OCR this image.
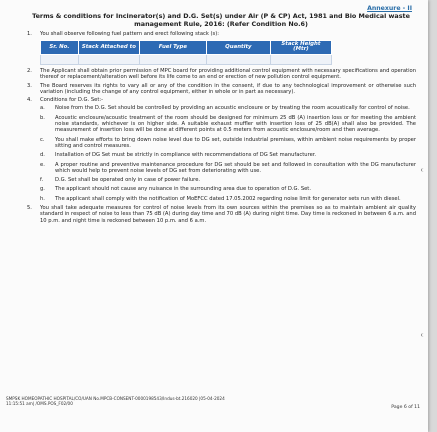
Annexure - II
Terms & conditions for Incinerator(s) and D.G. Set(s) under Air (P & CP) Act, 1981 and Bio Medical waste management Rule, 2016: (Refer Condition No.6)
1.	You shall observe following fuel pattern and erect following stack (s):
Sr. No.	Stack Attached to	Fuel Type	Quantity	Stack Height (Mtr)

2.	The Applicant shall obtain prior permission of MPC board for providing additional control equipment with necessary specifications and operation thereof or replacement/alteration well before its life come to an end or erection of new pollution control equipment.
3.	The Board reserves its rights to vary all or any of the condition in the consent, if due to any technological improvement or otherwise such variation (including the change of any control equipment, either in whole or in part as necessary).
4.	Conditions for D.G. Set:-
a.	Noise from the D.G. Set should be controlled by providing an acoustic enclosure or by treating the room acoustically for control of noise.
b.	Acoustic enclosure/acoustic treatment of the room should be designed for minimum 25 dB (A) insertion loss or for meeting the ambient noise standards, whichever is on higher side. A suitable exhaust muffler with insertion loss of 25 dB(A) shall also be provided. The measurement of insertion loss will be done at different points at 0.5 meters from acoustic enclosure/room and then average.
c.	You shall make efforts to bring down noise level due to DG set, outside industrial premises, within ambient noise requirements by proper sitting and control measures.
d.	Installation of DG Set must be strictly in compliance with recommendations of DG Set manufacturer.
e.	A proper routine and preventive maintenance procedure for DG set should be set and followed in consultation with the DG manufacturer which would help to prevent noise levels of DG set from deteriorating with use.
f.	D.G. Set shall be operated only in case of power failure.
g.	The applicant should not cause any nuisance in the surrounding area due to operation of D.G. Set.
h.	The applicant shall comply with the notification of MoEFCC dated 17.05.2002 regarding noise limit for generator sets run with diesel.
5.	You shall take adequate measures for control of noise levels from its own sources within the premises so as to maintain ambient air quality standard in respect of noise to less than 75 dB (A) during day time and 70 dB (A) during night time. Day time is reckoned in between 6 a.m. and 10 p.m. and night time is reckoned between 10 p.m. and 6 a.m.
SMPSK HOMEOPATHIC HOSPITAL/CO/UAN No.MPCB-CONSENT-0000198543/Indus-bt.216020 |05-04-2024
11:15:51 am| /OMS.POS_F02/00
Page 6 of 11
